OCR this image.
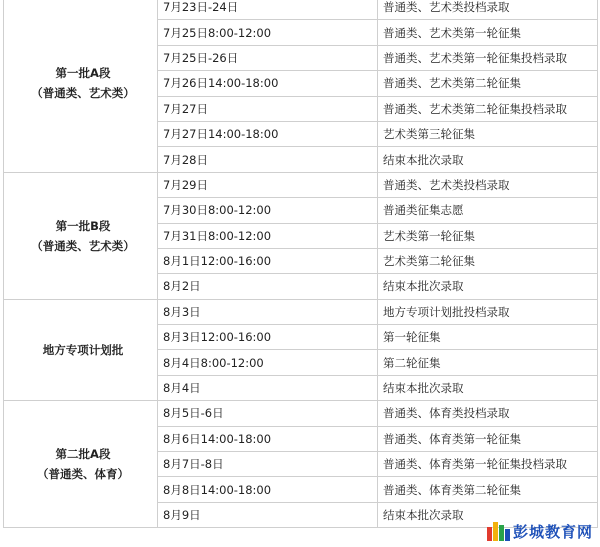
第一批A段
（普通类、艺术类）	7月23日-24日	普通类、艺术类投档录取
	7月25日8:00-12:00	普通类、艺术类第一轮征集
	7月25日-26日	普通类、艺术类第一轮征集投档录取
	7月26日14:00-18:00	普通类、艺术类第二轮征集
	7月27日	普通类、艺术类第二轮征集投档录取
	7月27日14:00-18:00	艺术类第三轮征集
	7月28日	结束本批次录取

第一批B段
（普通类、艺术类）	7月29日	普通类、艺术类投档录取
	7月30日8:00-12:00	普通类征集志愿
	7月31日8:00-12:00	艺术类第一轮征集
	8月1日12:00-16:00	艺术类第二轮征集
	8月2日	结束本批次录取

地方专项计划批	8月3日	地方专项计划批投档录取
	8月3日12:00-16:00	第一轮征集
	8月4日8:00-12:00	第二轮征集
	8月4日	结束本批次录取

第二批A段
（普通类、体育）	8月5日-6日	普通类、体育类投档录取
	8月6日14:00-18:00	普通类、体育类第一轮征集
	8月7日-8日	普通类、体育类第一轮征集投档录取
	8月8日14:00-18:00	普通类、体育类第二轮征集
	8月9日	结束本批次录取
彭城教育网
